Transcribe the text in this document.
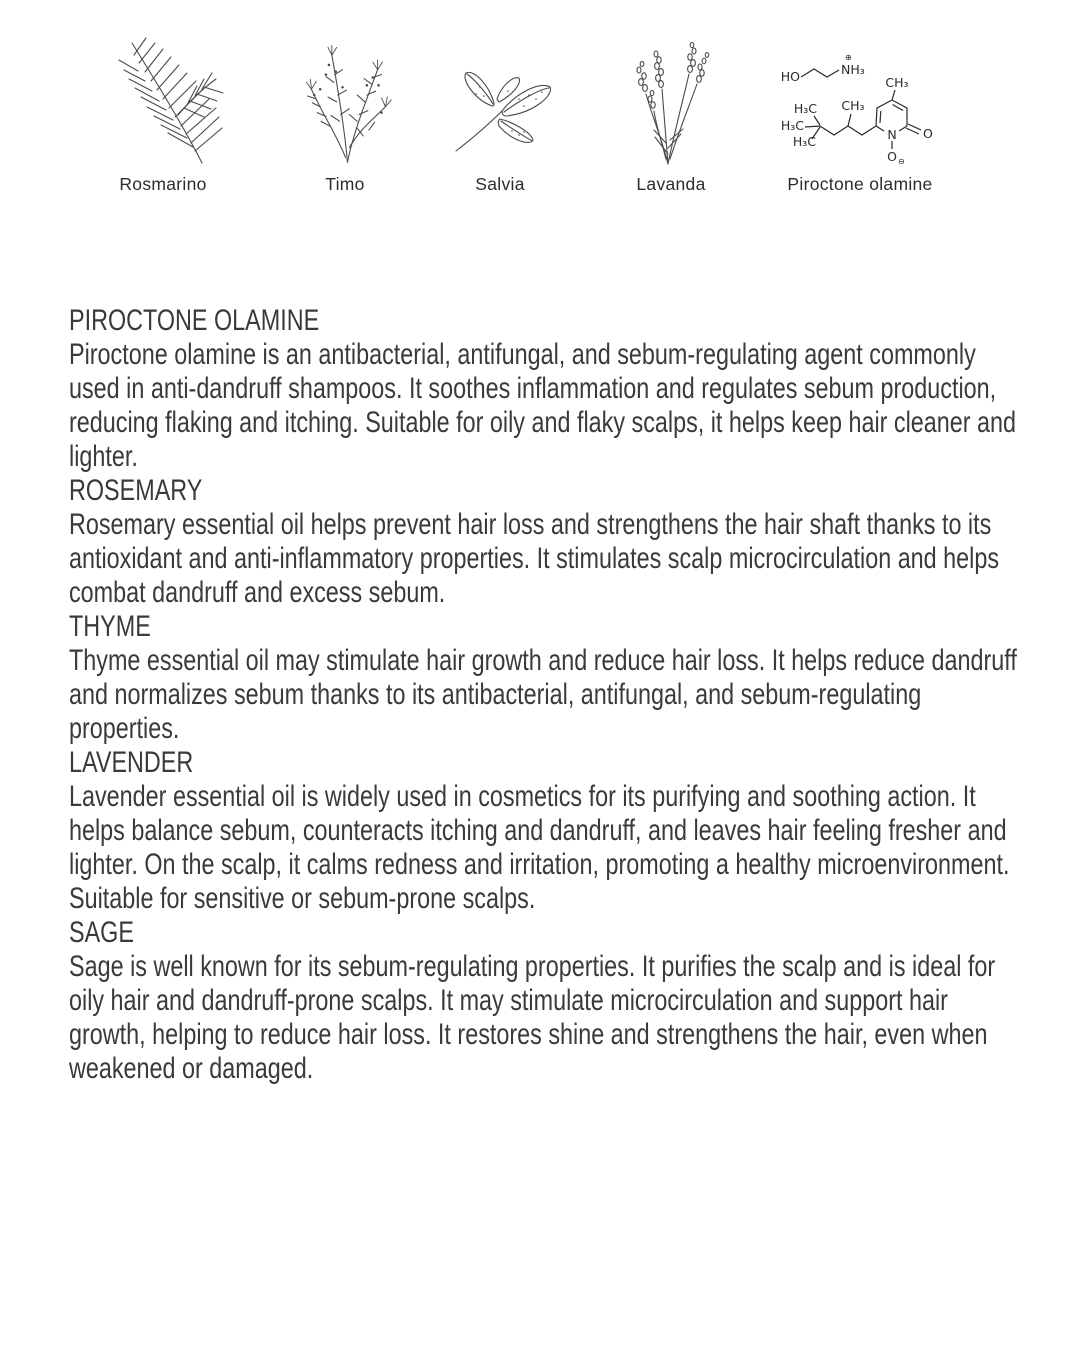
Rosmarino	Timo	Salvia	Lavanda
HO	NH₃
⊕
H₃C
H₃C
H₃C
CH₃
CH₃
N O
O ⊖
Piroctone olamine
PIROCTONE OLAMINE

Piroctone olamine is an antibacterial, antifungal, and sebum-regulating agent commonly used in anti-dandruff shampoos. It soothes inflammation and regulates sebum production, reducing flaking and itching. Suitable for oily and flaky scalps, it helps keep hair cleaner and lighter.

ROSEMARY

Rosemary essential oil helps prevent hair loss and strengthens the hair shaft thanks to its antioxidant and anti-inflammatory properties. It stimulates scalp microcirculation and helps combat dandruff and excess sebum.

THYME

Thyme essential oil may stimulate hair growth and reduce hair loss. It helps reduce dandruff and normalizes sebum thanks to its antibacterial, antifungal, and sebum-regulating properties.

LAVENDER

Lavender essential oil is widely used in cosmetics for its purifying and soothing action. It helps balance sebum, counteracts itching and dandruff, and leaves hair feeling fresher and lighter. On the scalp, it calms redness and irritation, promoting a healthy microenvironment. Suitable for sensitive or sebum-prone scalps.

SAGE

Sage is well known for its sebum-regulating properties. It purifies the scalp and is ideal for oily hair and dandruff-prone scalps. It may stimulate microcirculation and support hair growth, helping to reduce hair loss. It restores shine and strengthens the hair, even when weakened or damaged.
